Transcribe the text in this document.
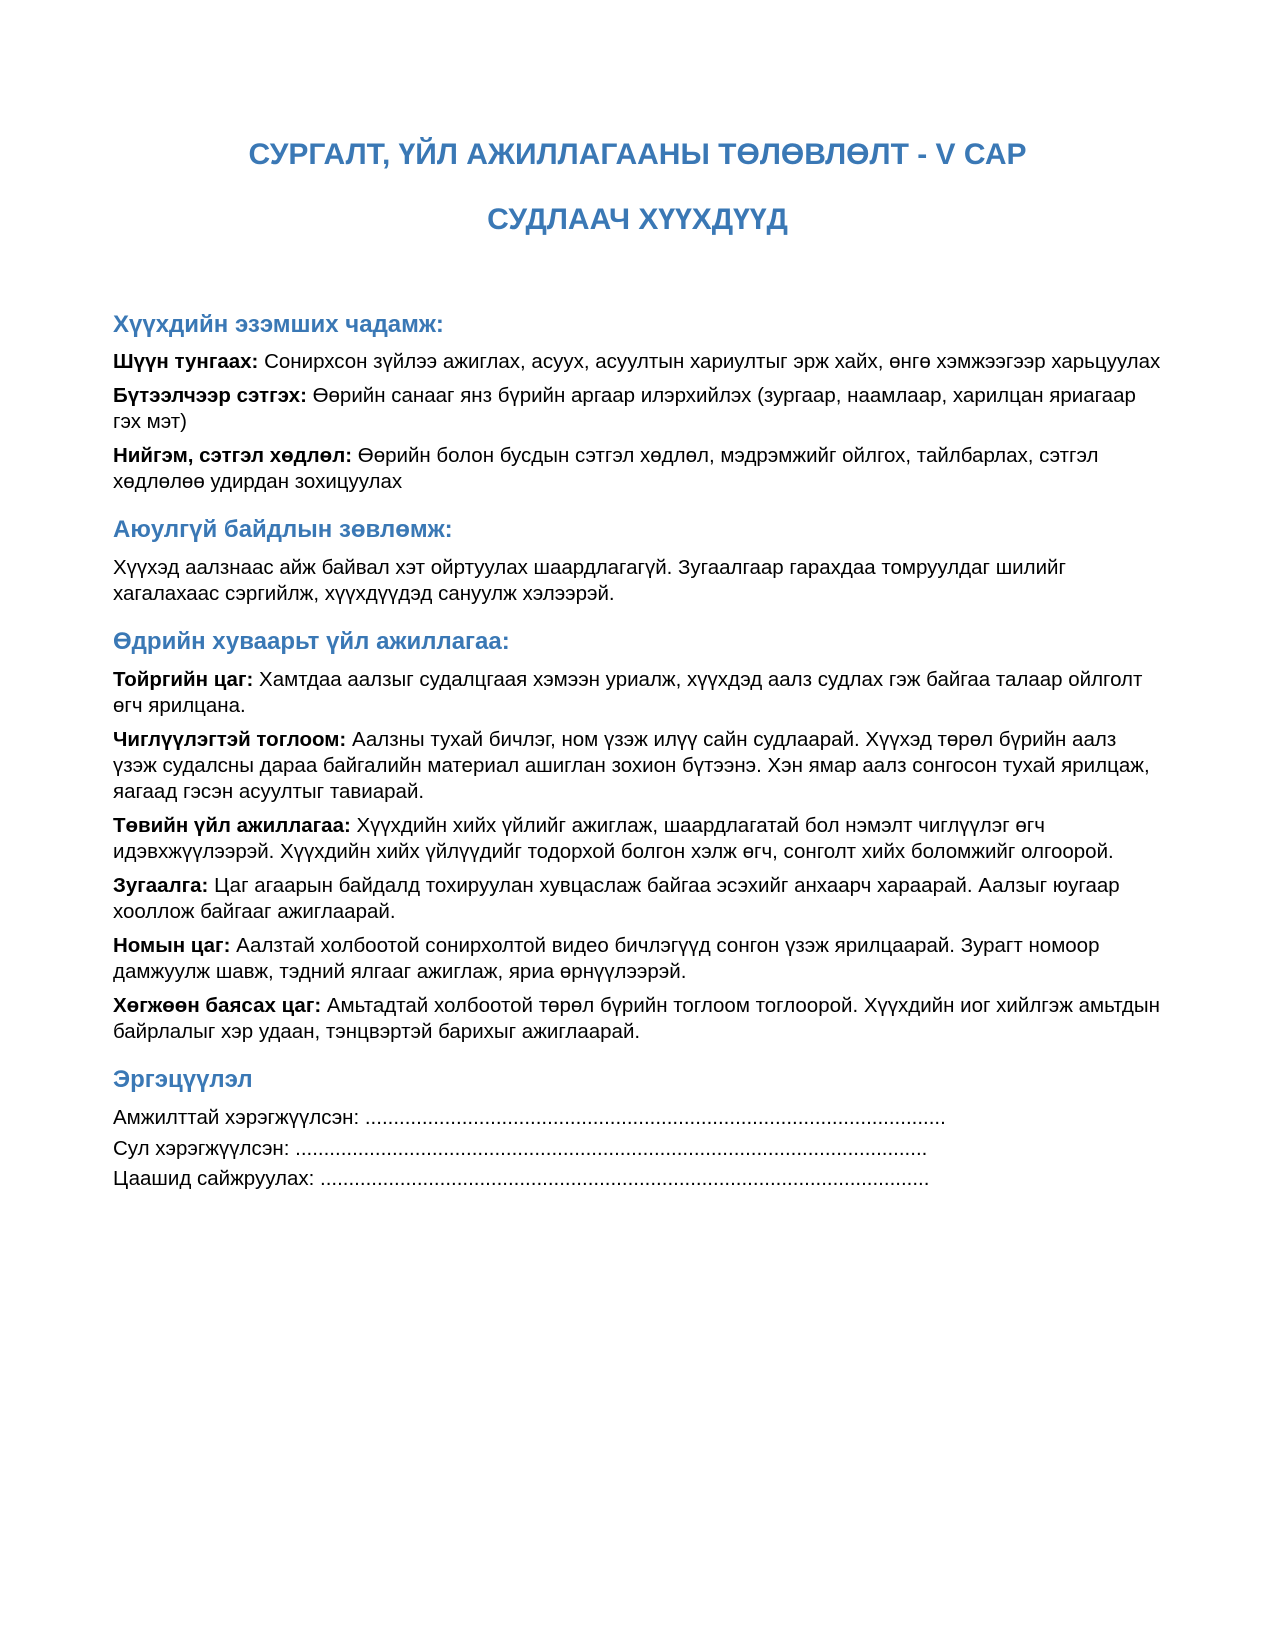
СУРГАЛТ, ҮЙЛ АЖИЛЛАГААНЫ ТӨЛӨВЛӨЛТ - V САР
СУДЛААЧ ХҮҮХДҮҮД
Хүүхдийн эзэмших чадамж:

Шүүн тунгаах: Сонирхсон зүйлээ ажиглах, асуух, асуултын хариултыг эрж хайх, өнгө хэмжээгээр харьцуулах

Бүтээлчээр сэтгэх: Өөрийн санааг янз бүрийн аргаар илэрхийлэх (зургаар, наамлаар, харилцан яриагаар гэх мэт)

Нийгэм, сэтгэл хөдлөл: Өөрийн болон бусдын сэтгэл хөдлөл, мэдрэмжийг ойлгох, тайлбарлах, сэтгэл хөдлөлөө удирдан зохицуулах

Аюулгүй байдлын зөвлөмж:

Хүүхэд аалзнаас айж байвал хэт ойртуулах шаардлагагүй. Зугаалгаар гарахдаа томруулдаг шилийг хагалахаас сэргийлж, хүүхдүүдэд сануулж хэлээрэй.

Өдрийн хуваарьт үйл ажиллагаа:

Тойргийн цаг: Хамтдаа аалзыг судалцгаая хэмээн уриалж, хүүхдэд аалз судлах гэж байгаа талаар ойлголт өгч ярилцана.

Чиглүүлэгтэй тоглоом: Аалзны тухай бичлэг, ном үзэж илүү сайн судлаарай. Хүүхэд төрөл бүрийн аалз үзэж судалсны дараа байгалийн материал ашиглан зохион бүтээнэ. Хэн ямар аалз сонгосон тухай ярилцаж, яагаад гэсэн асуултыг тавиарай.

Төвийн үйл ажиллагаа: Хүүхдийн хийх үйлийг ажиглаж, шаардлагатай бол нэмэлт чиглүүлэг өгч идэвхжүүлээрэй. Хүүхдийн хийх үйлүүдийг тодорхой болгон хэлж өгч, сонголт хийх боломжийг олгоорой.

Зугаалга: Цаг агаарын байдалд тохируулан хувцаслаж байгаа эсэхийг анхаарч хараарай. Аалзыг юугаар хооллож байгааг ажиглаарай.

Номын цаг: Аалзтай холбоотой сонирхолтой видео бичлэгүүд сонгон үзэж ярилцаарай. Зурагт номоор дамжуулж шавж, тэдний ялгааг ажиглаж, яриа өрнүүлээрэй.

Хөгжөөн баясах цаг: Амьтадтай холбоотой төрөл бүрийн тоглоом тоглоорой. Хүүхдийн иог хийлгэж амьтдын байрлалыг хэр удаан, тэнцвэртэй барихыг ажиглаарай.

Эргэцүүлэл

Амжилттай хэрэгжүүлсэн: ......................................................................................................

Сул хэрэгжүүлсэн: ...............................................................................................................

Цаашид сайжруулах: ...........................................................................................................
